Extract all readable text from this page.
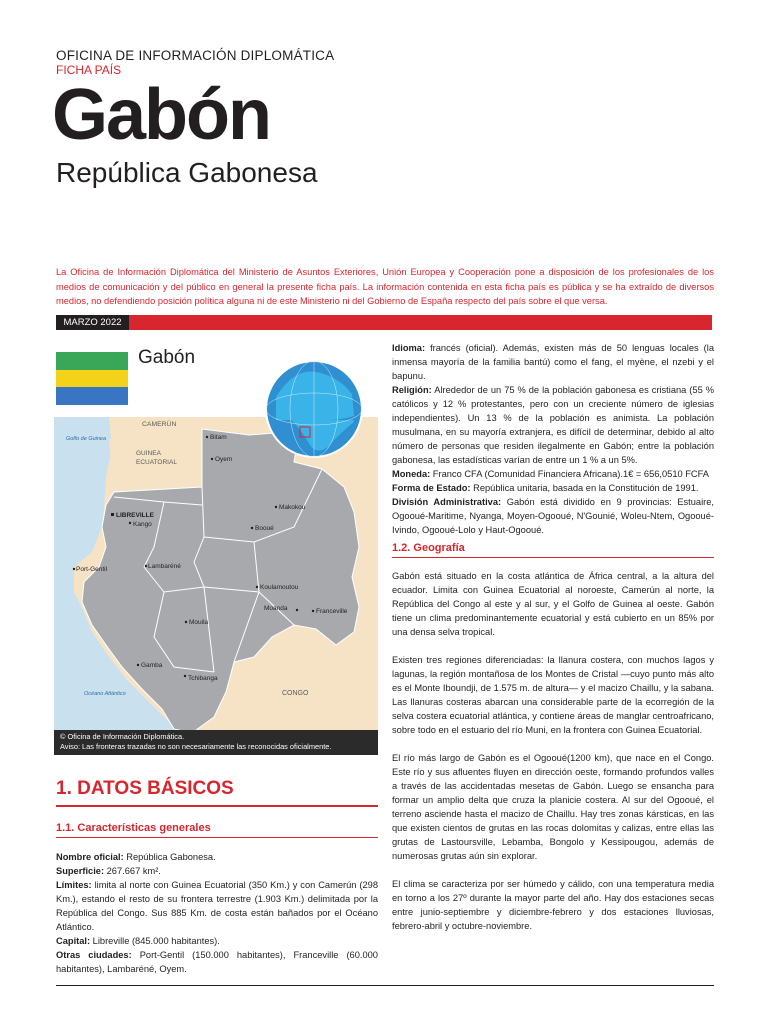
OFICINA DE INFORMACIÓN DIPLOMÁTICA
FICHA PAÍS
Gabón
República Gabonesa
La Oficina de Información Diplomática del Ministerio de Asuntos Exteriores, Unión Europea y Cooperación pone a disposición de los profesionales de los medios de comunicación y del público en general la presente ficha país. La información contenida en esta ficha país es pública y se ha extraído de diversos medios, no defendiendo posición política alguna ni de este Ministerio ni del Gobierno de España respecto del país sobre el que versa.
MARZO 2022
Gabón
CAMERÚN
Golfo de Guinea
GUINEA
ECUATORIAL
CONGO
Océano Atlántico
Bitam
Oyem
LIBREVILLE
Kango
Makokou
Booué
Port-Gentil	Lambaréné
Koulamoutou
Moanda	Franceville
Mouila
Gamba
Tchibanga
© Oficina de Información Diplomática.
Aviso: Las fronteras trazadas no son necesariamente las reconocidas oficialmente.
1. DATOS BÁSICOS
1.1. Características generales
Nombre oficial: República Gabonesa.
Superficie: 267.667 km².
Límites: limita al norte con Guinea Ecuatorial (350 Km.) y con Camerún (298 Km.), estando el resto de su frontera terrestre (1.903 Km.) delimitada por la República del Congo. Sus 885 Km. de costa están bañados por el Océano Atlántico.
Capital: Libreville (845.000 habitantes).
Otras ciudades: Port-Gentil (150.000 habitantes), Franceville (60.000 habitantes), Lambaréné, Oyem.
Idioma: francés (oficial). Además, existen más de 50 lenguas locales (la inmensa mayoría de la familia bantú) como el fang, el myène, el nzebi y el bapunu.
Religión: Alrededor de un 75 % de la población gabonesa es cristiana (55 % católicos y 12 % protestantes, pero con un creciente número de iglesias independientes). Un 13 % de la población es animista. La población musulmana, en su mayoría extranjera, es difícil de determinar, debido al alto número de personas que residen ilegalmente en Gabón; entre la población gabonesa, las estadísticas varían de entre un 1 % a un 5%.
Moneda: Franco CFA (Comunidad Financiera Africana).1€ = 656,0510 FCFA
Forma de Estado: República unitaria, basada en la Constitución de 1991.
División Administrativa: Gabón está dividido en 9 provincias: Estuaire, Ogooué-Maritime, Nyanga, Moyen-Ogooué, N'Gounié, Woleu-Ntem, Ogooué-Ivindo, Ogooué-Lolo y Haut-Ogooué.
1.2. Geografía

Gabón está situado en la costa atlántica de África central, a la altura del ecuador. Limita con Guinea Ecuatorial al noroeste, Camerún al norte, la República del Congo al este y al sur, y el Golfo de Guinea al oeste. Gabón tiene un clima predominantemente ecuatorial y está cubierto en un 85% por una densa selva tropical.

Existen tres regiones diferenciadas: la llanura costera, con muchos lagos y lagunas, la región montañosa de los Montes de Cristal —cuyo punto más alto es el Monte Iboundji, de 1.575 m. de altura— y el macizo Chaillu, y la sabana. Las llanuras costeras abarcan una considerable parte de la ecorregión de la selva costera ecuatorial atlántica, y contiene áreas de manglar centroafricano, sobre todo en el estuario del río Muni, en la frontera con Guinea Ecuatorial.

El río más largo de Gabón es el Ogooué(1200 km), que nace en el Congo. Este río y sus afluentes fluyen en dirección oeste, formando profundos valles a través de las accidentadas mesetas de Gabón. Luego se ensancha para formar un amplio delta que cruza la planicie costera. Al sur del Ogooué, el terreno asciende hasta el macizo de Chaillu. Hay tres zonas kársticas, en las que existen cientos de grutas en las rocas dolomitas y calizas, entre ellas las grutas de Lastoursville, Lebamba, Bongolo y Kessipougou, además de numerosas grutas aún sin explorar.

El clima se caracteriza por ser húmedo y cálido, con una temperatura media en torno a los 27º durante la mayor parte del año. Hay dos estaciones secas entre junio-septiembre y diciembre-febrero y dos estaciones lluviosas, febrero-abril y octubre-noviembre.
